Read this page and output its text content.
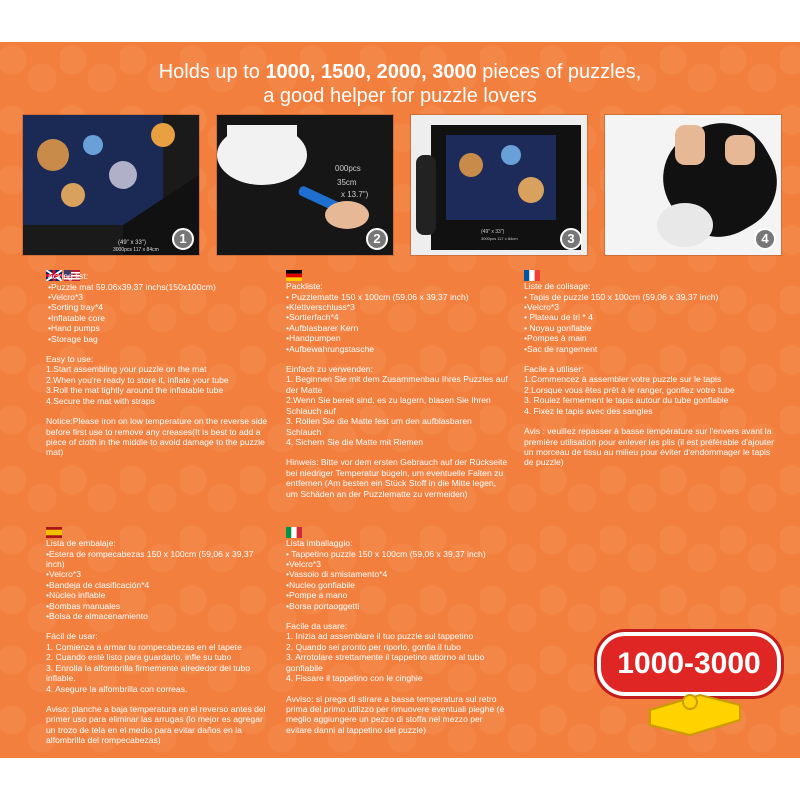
Holds up to 1000, 1500, 2000, 3000 pieces of puzzles,
a good helper for puzzle lovers
(49" x 33")
3000pcs 117 x 84cm
1
000pcs
35cm
x 13.7")
2	(49" x 33")
3000pcs 117 x 84cm	3	4

acking list:
•Puzzle mat 59.06x39.37 inchs(150x100cm)
•Velcro*3
•Sorting tray*4
•Inflatable core
•Hand pumps
•Storage bag

Easy to use:
1.Start assembling your puzzle on the mat
2.When you're ready to store it, inflate your tube
3.Roll the mat tightly around the inflatable tube
4.Secure the mat with straps

Notice:Please iron on low temperature on the reverse side before first use to remove any creases(It is best to add a piece of cloth in the middle to avoid damage to the puzzle mat)

Packliste:
• Puzzlematte 150 x 100cm (59,06 x 39,37 inch)
•Klettverschluss*3
•Sortierfach*4
•Aufblasbarer Kern
•Handpumpen
•Aufbewahrungstasche

Einfach zu verwenden:
1. Beginnen Sie mit dem Zusammenbau Ihres Puzzles auf der Matte
2.Wenn Sie bereit sind, es zu lagern, blasen Sie Ihren Schlauch auf
3. Rollen Sie die Matte fest um den aufblasbaren Schlauch
4. Sichern Sie die Matte mit Riemen

Hinweis: Bitte vor dem ersten Gebrauch auf der Rückseite bei niedriger Temperatur bügeln, um eventuelle Falten zu entfernen (Am besten ein Stück Stoff in die Mitte legen, um Schäden an der Puzzlematte zu vermeiden)

Liste de colisage:
• Tapis de puzzle 150 x 100cm (59,06 x 39,37 inch)
•Velcro*3
• Plateau de tri * 4
• Noyau gonflable
•Pompes à main
•Sac de rangement

Facile à utiliser:
1.Commencez à assembler votre puzzle sur le tapis
2.Lorsque vous êtes prêt à le ranger, gonflez votre tube
3. Roulez fermement le tapis autour du tube gonflable
4. Fixez le tapis avec des sangles

Avis : veuillez repasser à basse température sur l'envers avant la première utilisation pour enlever les plis (il est préférable d'ajouter un morceau de tissu au milieu pour éviter d'endommager le tapis de puzzle)

Lista de embalaje:
•Estera de rompecabezas 150 x 100cm (59,06 x 39,37 inch)
•Velcro*3
•Bandeja de clasificación*4
•Núcleo inflable
•Bombas manuales
•Bolsa de almacenamiento

Fácil de usar:
1. Comienza a armar tu rompecabezas en el tapete
2. Cuando esté listo para guardarlo, infle su tubo
3. Enrolla la alfombrilla firmemente alrededor del tubo inflable.
4. Asegure la alfombrilla con correas.

Aviso: planche a baja temperatura en el reverso antes del primer uso para eliminar las arrugas (lo mejor es agregar un trozo de tela en el medio para evitar daños en la alfombrilla del rompecabezas)

Lista imballaggio:
• Tappetino puzzle 150 x 100cm (59,06 x 39,37 inch)
•Velcro*3
•Vassoio di smistamento*4
•Nucleo gonfiabile
•Pompe a mano
•Borsa portaoggetti

Facile da usare:
1. Inizia ad assemblare il tuo puzzle sul tappetino
2. Quando sei pronto per riporlo, gonfia il tubo
3. Arrotolare strettamente il tappetino attorno al tubo gonfiabile
4. Fissare il tappetino con le cinghie

Avviso: si prega di stirare a bassa temperatura sul retro prima del primo utilizzo per rimuovere eventuali pieghe (è meglio aggiungere un pezzo di stoffa nel mezzo per evitare danni al tappetino del puzzle)

1000-3000
